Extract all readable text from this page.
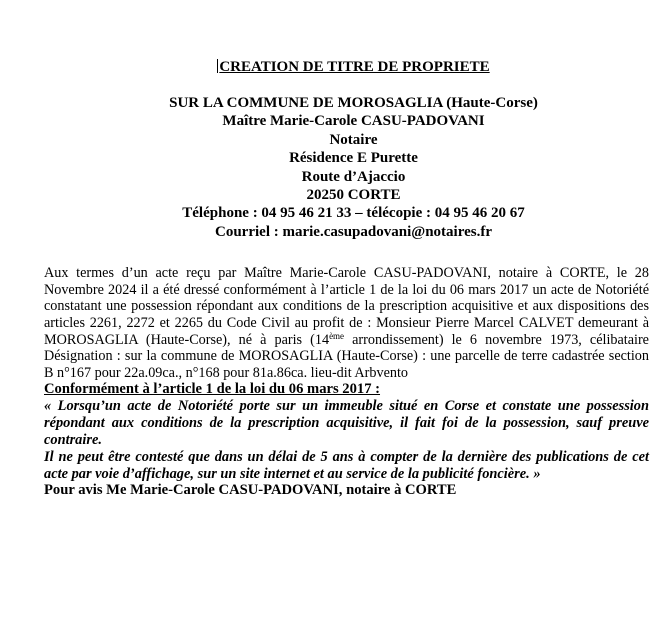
CREATION DE TITRE DE PROPRIETE
SUR LA COMMUNE DE MOROSAGLIA (Haute-Corse)
Maître Marie-Carole CASU-PADOVANI
Notaire
Résidence E Purette
Route d’Ajaccio
20250 CORTE
Téléphone : 04 95 46 21 33 – télécopie : 04 95 46 20 67
Courriel : marie.casupadovani@notaires.fr
Aux termes d’un acte reçu par Maître Marie-Carole CASU-PADOVANI, notaire à CORTE, le 28 Novembre 2024 il a été dressé conformément à l’article 1 de la loi du 06 mars 2017 un acte de Notoriété constatant une possession répondant aux conditions de la prescription acquisitive et aux dispositions des articles 2261, 2272 et 2265 du Code Civil au profit de : Monsieur Pierre Marcel CALVET demeurant à MOROSAGLIA (Haute-Corse), né à paris (14ème arrondissement) le 6 novembre 1973, célibataire Désignation : sur la commune de MOROSAGLIA (Haute-Corse) : une parcelle de terre cadastrée section B n°167 pour 22a.09ca., n°168 pour 81a.86ca. lieu-dit Arbvento
Conformément à l’article 1 de la loi du 06 mars 2017 :
« Lorsqu’un acte de Notoriété porte sur un immeuble situé en Corse et constate une possession répondant aux conditions de la prescription acquisitive, il fait foi de la possession, sauf preuve contraire.
Il ne peut être contesté que dans un délai de 5 ans à compter de la dernière des publications de cet acte par voie d’affichage, sur un site internet et au service de la publicité foncière. »
Pour avis Me Marie-Carole CASU-PADOVANI, notaire à CORTE
